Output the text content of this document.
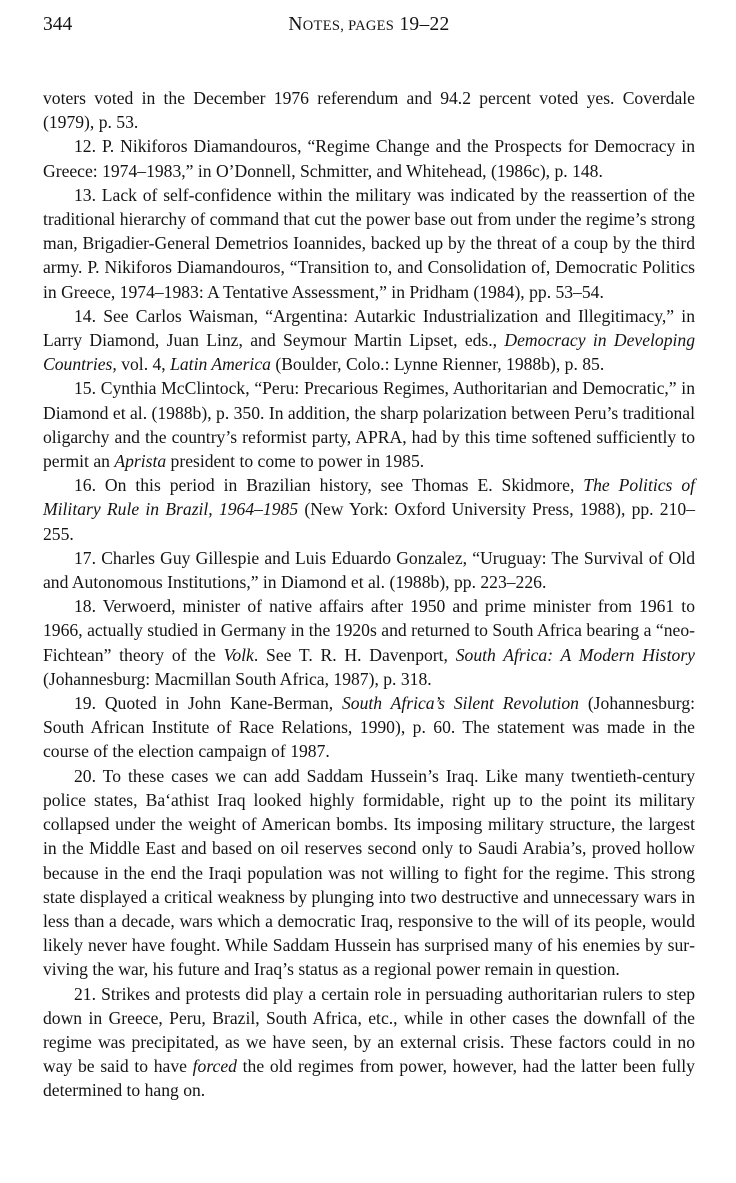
344	NOTES, PAGES 19–22

voters voted in the December 1976 referendum and 94.2 percent voted yes. Coverdale (1979), p. 53.

12. P. Nikiforos Diamandouros, “Regime Change and the Prospects for Democracy in Greece: 1974–1983,” in O’Donnell, Schmitter, and Whitehead, (1986c), p. 148.

13. Lack of self-confidence within the military was indicated by the reassertion of the traditional hierarchy of command that cut the power base out from under the regime’s strong man, Brigadier-General Demetrios Ioannides, backed up by the threat of a coup by the third army. P. Nikiforos Diamandouros, “Transition to, and Consolidation of, Democratic Politics in Greece, 1974–1983: A Tentative Assessment,” in Pridham (1984), pp. 53–54.

14. See Carlos Waisman, “Argentina: Autarkic Industrialization and Illegitimacy,” in Larry Diamond, Juan Linz, and Seymour Martin Lipset, eds., Democracy in Developing Countries, vol. 4, Latin America (Boulder, Colo.: Lynne Rienner, 1988b), p. 85.

15. Cynthia McClintock, “Peru: Precarious Regimes, Authoritarian and Democratic,” in Diamond et al. (1988b), p. 350. In addition, the sharp polarization between Peru’s traditional oligarchy and the country’s reformist party, APRA, had by this time softened sufficiently to permit an Aprista president to come to power in 1985.

16. On this period in Brazilian history, see Thomas E. Skidmore, The Politics of Military Rule in Brazil, 1964–1985 (New York: Oxford University Press, 1988), pp. 210–255.

17. Charles Guy Gillespie and Luis Eduardo Gonzalez, “Uruguay: The Survival of Old and Autonomous Institutions,” in Diamond et al. (1988b), pp. 223–226.

18. Verwoerd, minister of native affairs after 1950 and prime minister from 1961 to 1966, actually studied in Germany in the 1920s and returned to South Africa bearing a “neo-Fichtean” theory of the Volk. See T. R. H. Davenport, South Africa: A Modern History (Johannesburg: Macmillan South Africa, 1987), p. 318.

19. Quoted in John Kane-Berman, South Africa’s Silent Revolution (Johannesburg: South African Institute of Race Relations, 1990), p. 60. The statement was made in the course of the election campaign of 1987.

20. To these cases we can add Saddam Hussein’s Iraq. Like many twentieth-century police states, Ba‘athist Iraq looked highly formidable, right up to the point its military collapsed under the weight of American bombs. Its imposing military structure, the largest in the Middle East and based on oil reserves second only to Saudi Arabia’s, proved hollow because in the end the Iraqi population was not willing to fight for the regime. This strong state displayed a critical weakness by plunging into two destructive and unnecessary wars in less than a decade, wars which a democratic Iraq, responsive to the will of its people, would likely never have fought. While Saddam Hussein has surprised many of his enemies by surviving the war, his future and Iraq’s status as a regional power remain in question.

21. Strikes and protests did play a certain role in persuading authoritarian rulers to step down in Greece, Peru, Brazil, South Africa, etc., while in other cases the downfall of the regime was precipitated, as we have seen, by an external crisis. These factors could in no way be said to have forced the old regimes from power, however, had the latter been fully determined to hang on.
